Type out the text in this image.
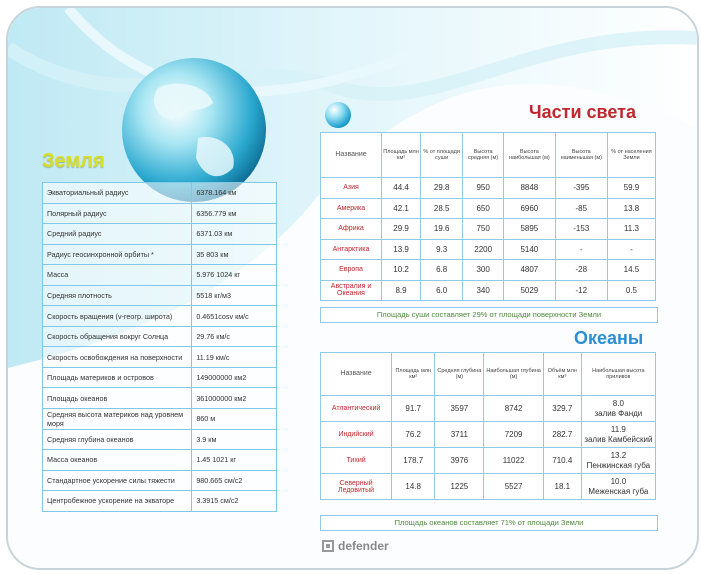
Земля
Экваториальный радиус	6378.164 км
Полярный радиус	6356.779 км
Средний радиус	6371.03 км
Радиус геосинхронной орбиты *	35 803 км
Масса	5.976 1024 кг
Средняя плотность	5518 кг/м3
Скорость вращения (v-геогр. широта)	0.4651cosv км/с
Скорость обращения вокруг Солнца	29.76 км/с
Скорость освобождения на поверхности	11.19 км/с
Площадь материков и островов	149000000 км2
Площадь океанов	361000000 км2
Средняя высота материков над уровнем моря	860 м
Средняя глубина океанов	3.9 км
Масса океанов	1.45 1021 кг
Стандартное ускорение силы тяжести	980.665 см/с2
Центробежное ускорение на экваторе	3.3915 см/с2
Части света
Название	Площадь млн км²	% от площади суши	Высота средняя (м)	Высота наибольшая (м)	Высота наименьшая (м)	% от населения Земли
Азия	44.4	29.8	950	8848	-395	59.9
Америка	42.1	28.5	650	6960	-85	13.8
Африка	29.9	19.6	750	5895	-153	11.3
Антарктика	13.9	9.3	2200	5140	-	-
Европа	10.2	6.8	300	4807	-28	14.5
Австралия и Океания	8.9	6.0	340	5029	-12	0.5
Площадь суши составляет 29% от площади поверхности Земли
Океаны
Название	Площадь млн км²	Средняя глубина (м)	Наибольшая глубина (м)	Объём млн км³	Наибольшая высота приливов
Атлантический	91.7	3597	8742	329.7	8.0
залив Фанди

Индийский	76.2	3711	7209	282.7	11.9
залив Камбейский

Тихий	178.7	3976	11022	710.4	13.2
Пенжинская губа

Северный Ледовитый	14.8	1225	5527	18.1	10.0
Меженская губа
Площадь океанов составляет 71% от площади Земли
defender
